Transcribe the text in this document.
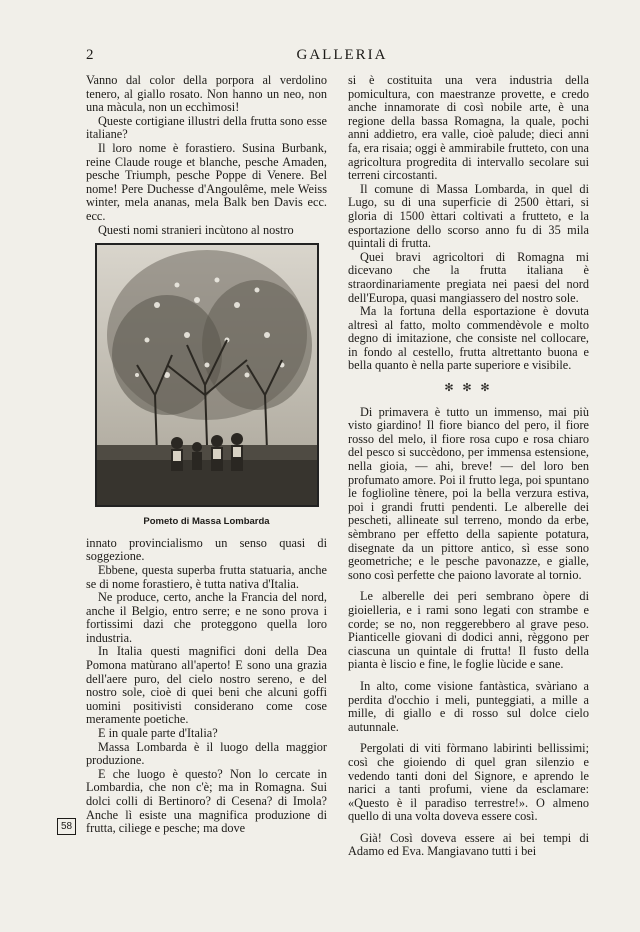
2	GALLERIA

Vanno dal color della porpora al verdolino tenero, al giallo rosato. Non hanno un neo, non una màcula, non un ecchìmosi!

Queste cortigiane illustri della frutta sono esse italiane?

Il loro nome è forastiero. Susina Burbank, reine Claude rouge et blanche, pesche Amaden, pesche Triumph, pesche Poppe di Venere. Bel nome! Pere Duchesse d'Angoulême, mele Weiss winter, mela ananas, mela Balk ben Davis ecc. ecc.

Questi nomi stranieri incùtono al nostro

Pometo di Massa Lombarda

innato provincialismo un senso quasi di soggezione.

Ebbene, questa superba frutta statuaria, anche se di nome forastiero, è tutta nativa d'Italia.

Ne produce, certo, anche la Francia del nord, anche il Belgio, entro serre; e ne sono prova i fortissimi dazi che proteggono quella loro industria.

In Italia questi magnifici doni della Dea Pomona matùrano all'aperto! E sono una grazia dell'aere puro, del cielo nostro sereno, e del nostro sole, cioè di quei beni che alcuni goffi uomini positivisti considerano come cose meramente poetiche.

E in quale parte d'Italia?

Massa Lombarda è il luogo della maggior produzione.

E che luogo è questo? Non lo cercate in Lombardia, che non c'è; ma in Romagna. Sui dolci colli di Bertinoro? di Cesena? di Imola? Anche lì esiste una magnifica produzione di frutta, ciliege e pesche; ma dove

si è costituita una vera industria della pomicultura, con maestranze provette, e credo anche innamorate di così nobile arte, è una regione della bassa Romagna, la quale, pochi anni addietro, era valle, cioè palude; dieci anni fa, era risaia; oggi è ammirabile frutteto, con una agricoltura progredita di intervallo secolare sui terreni circostanti.

Il comune di Massa Lombarda, in quel di Lugo, su di una superficie di 2500 èttari, si gloria di 1500 èttari coltivati a frutteto, e la esportazione dello scorso anno fu di 35 mila quintali di frutta.

Quei bravi agricoltori di Romagna mi dicevano che la frutta italiana è straordinariamente pregiata nei paesi del nord dell'Europa, quasi mangiassero del nostro sole.

Ma la fortuna della esportazione è dovuta altresì al fatto, molto commendèvole e molto degno di imitazione, che consiste nel collocare, in fondo al cestello, frutta altrettanto buona e bella quanto è nella parte superiore e visibile.

✻ ✻ ✻

Di primavera è tutto un immenso, mai più visto giardino! Il fiore bianco del pero, il fiore rosso del melo, il fiore rosa cupo e rosa chiaro del pesco si succèdono, per immensa estensione, nella gioia, — ahi, breve! — del loro ben profumato amore. Poi il frutto lega, poi spuntano le fogliolìne tènere, poi la bella verzura estiva, poi i grandi frutti pendenti. Le alberelle dei pescheti, allineate sul terreno, mondo da erbe, sèmbrano per effetto della sapiente potatura, disegnate da un pittore antico, sì esse sono geometriche; e le pesche pavonazze, e gialle, sono così perfette che paiono lavorate al tornio.

Le alberelle dei peri sembrano òpere di gioielleria, e i rami sono legati con strambe e corde; se no, non reggerebbero al grave peso. Pianticelle giovani di dodici anni, règgono per ciascuna un quintale di frutta! Il fusto della pianta è liscio e fine, le foglie lùcide e sane.

In alto, come visione fantàstica, svàriano a perdita d'occhio i meli, punteggiati, a mille a mille, di giallo e di rosso sul dolce cielo autunnale.

Pergolati di viti fòrmano labirinti bellissimi; così che gioiendo di quel gran silenzio e vedendo tanti doni del Signore, e aprendo le narici a tanti profumi, viene da esclamare: «Questo è il paradiso terrestre!». O almeno quello di una volta doveva essere così.

Già! Così doveva essere ai bei tempi di Adamo ed Eva. Mangiavano tutti i bei

58
